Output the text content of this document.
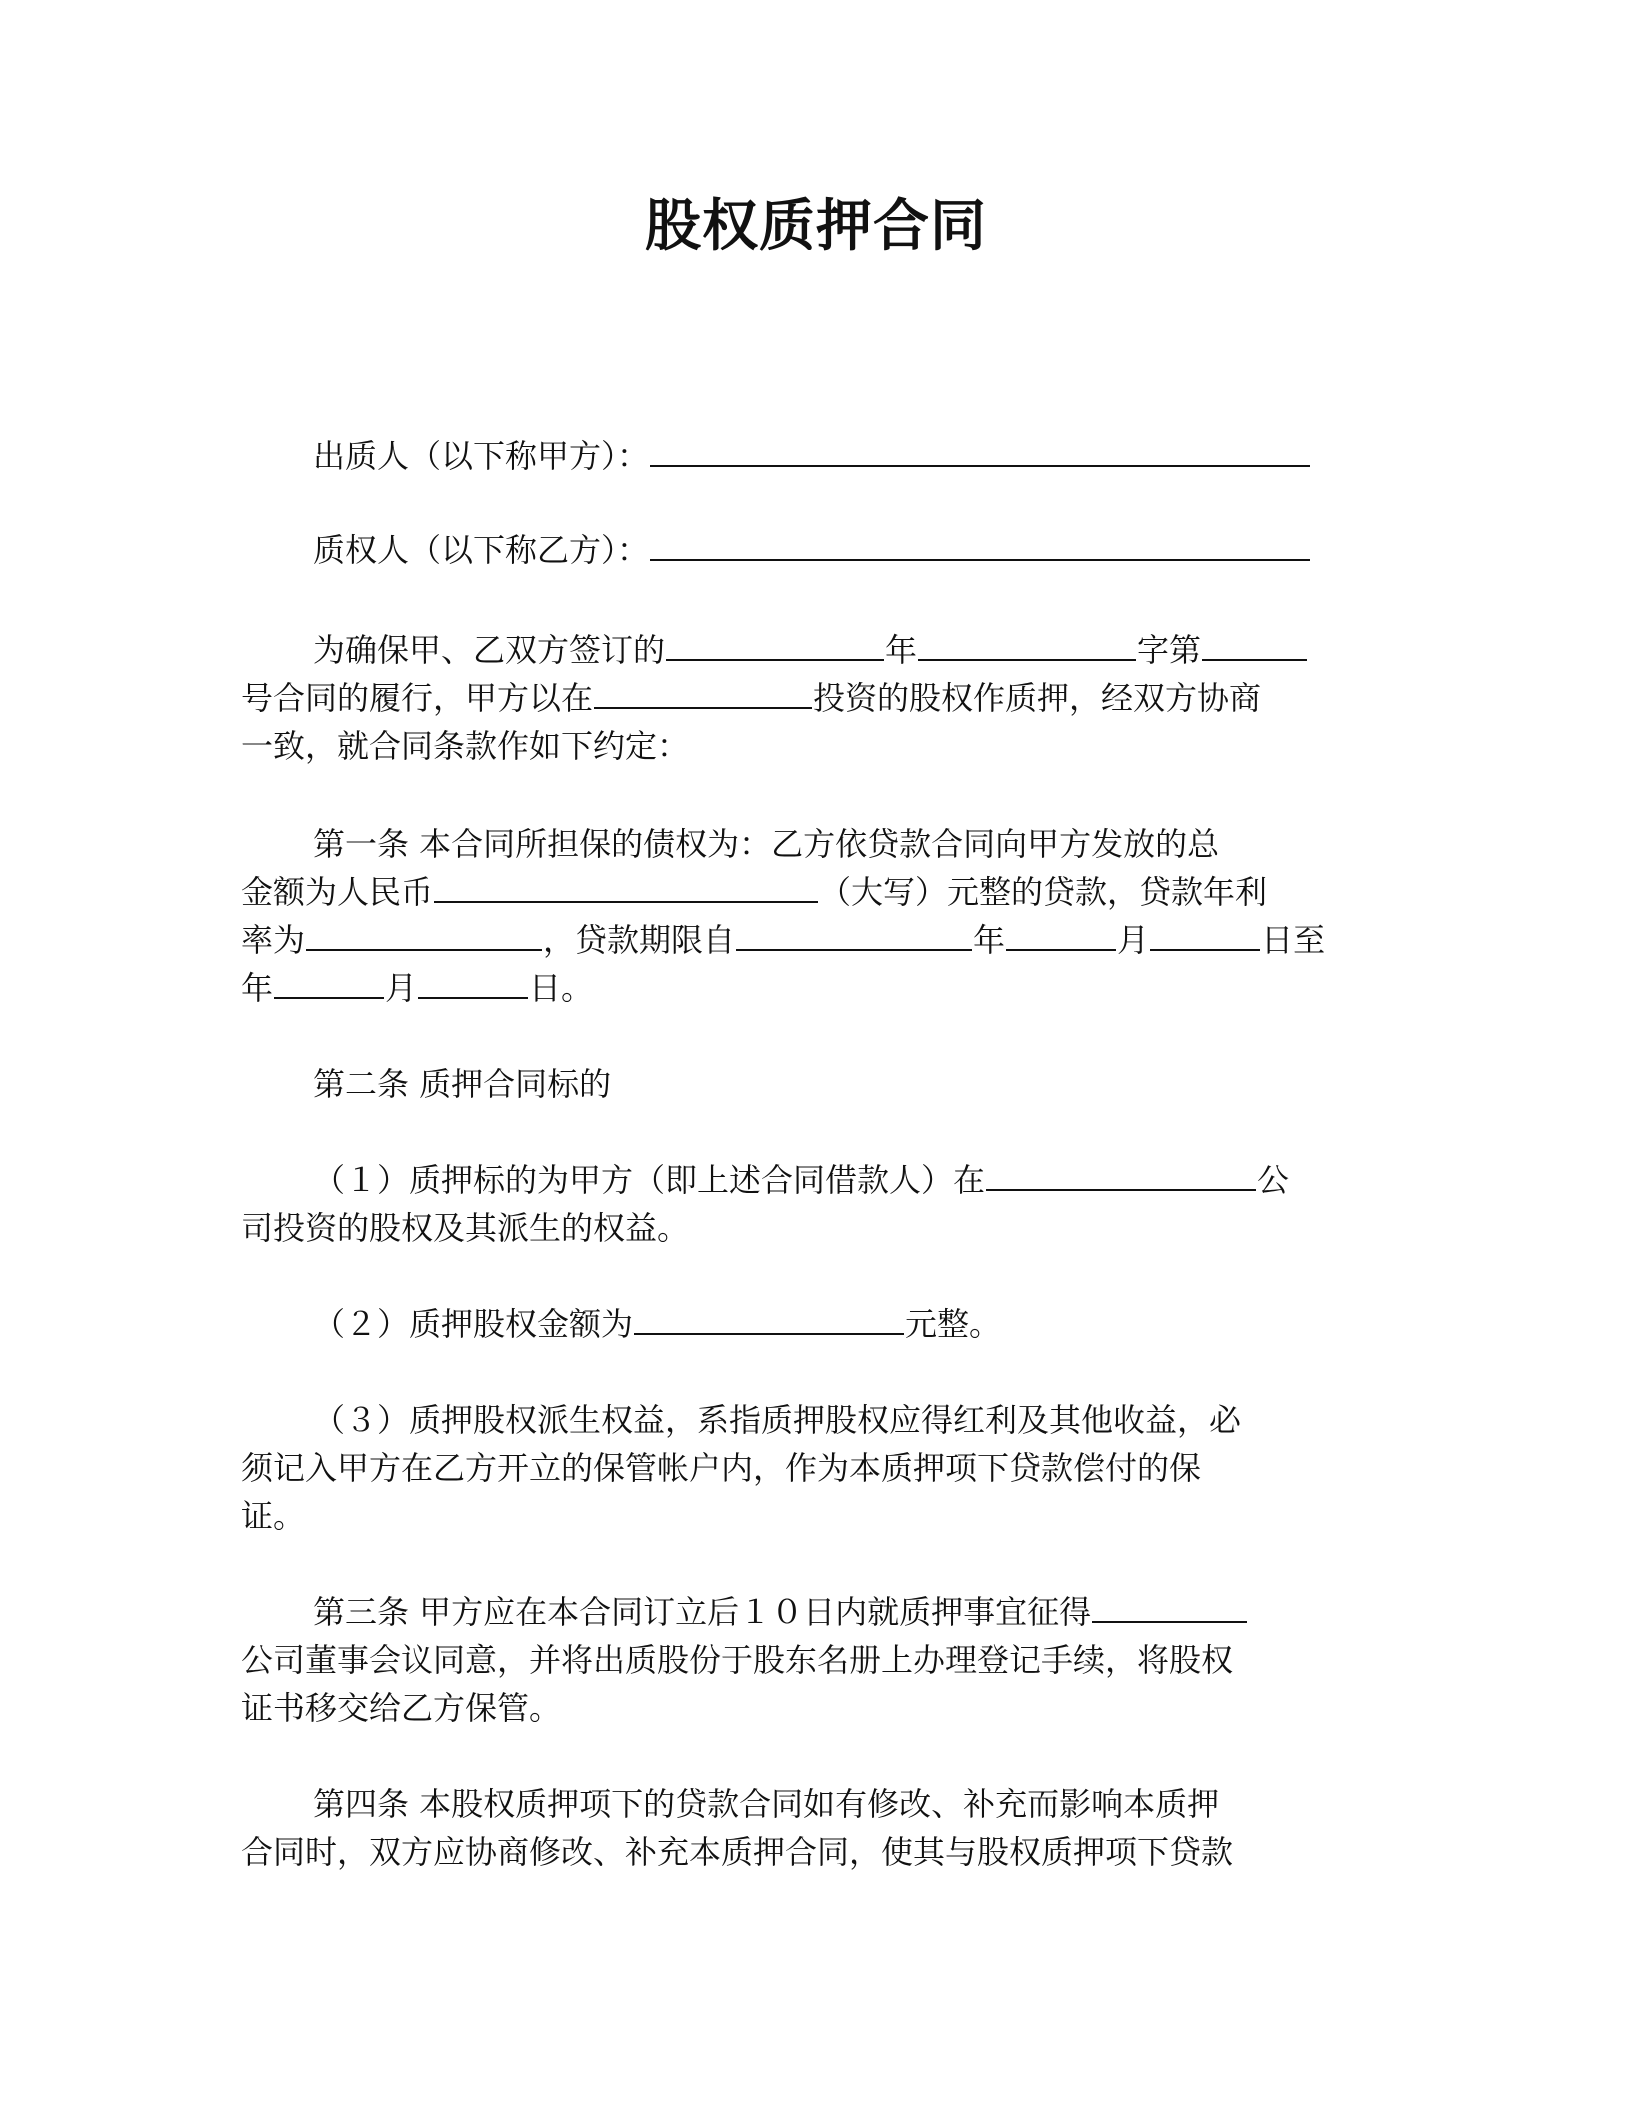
股权质押合同
出质人（以下称甲方）：
质权人（以下称乙方）：
为确保甲、乙双方签订的	年	字第
号合同的履行，甲方以在	投资的股权作质押，经双方协商
一致，就合同条款作如下约定：
第一条 本合同所担保的债权为：乙方依贷款合同向甲方发放的总
金额为人民币	（大写）元整的贷款，贷款年利
率为	，贷款期限自	年	月	日至
年	月	日。
第二条 质押合同标的
（１）质押标的为甲方（即上述合同借款人）在	公
司投资的股权及其派生的权益。
（２）质押股权金额为	元整。
（３）质押股权派生权益，系指质押股权应得红利及其他收益，必
须记入甲方在乙方开立的保管帐户内，作为本质押项下贷款偿付的保
证。
第三条 甲方应在本合同订立后１０日内就质押事宜征得
公司董事会议同意，并将出质股份于股东名册上办理登记手续，将股权
证书移交给乙方保管。
第四条 本股权质押项下的贷款合同如有修改、补充而影响本质押
合同时，双方应协商修改、补充本质押合同，使其与股权质押项下贷款
